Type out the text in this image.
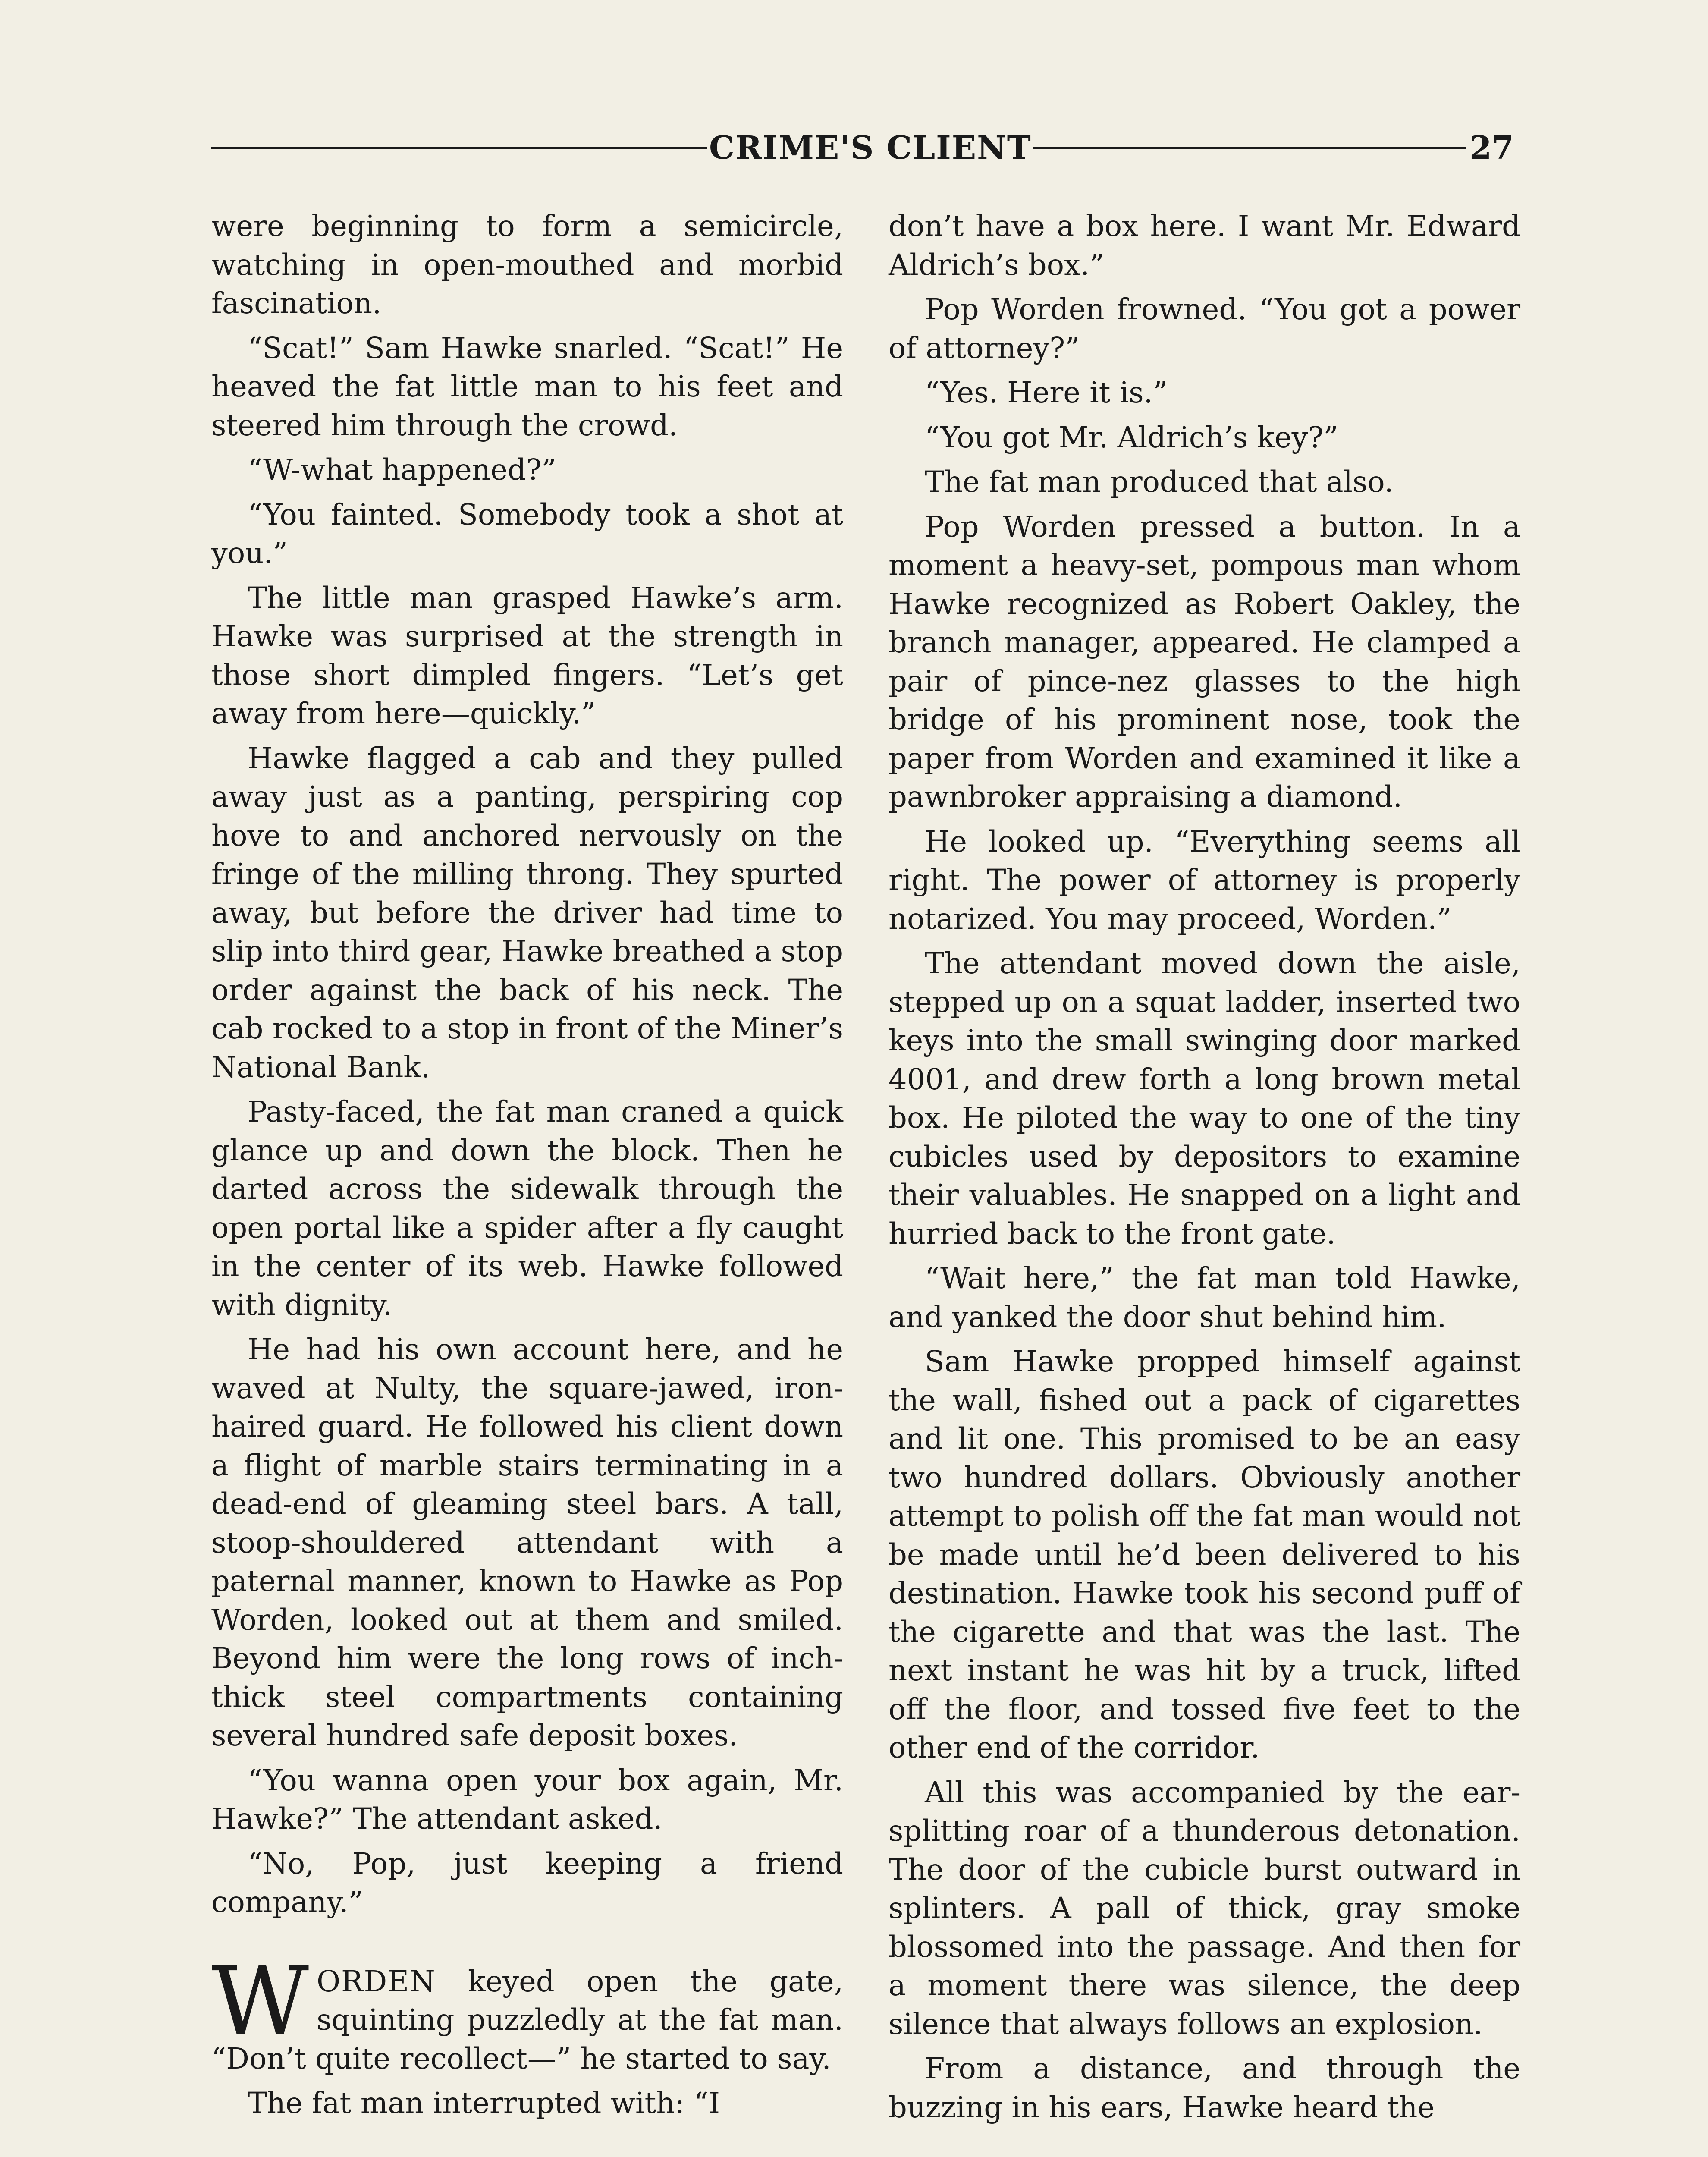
CRIME'S CLIENT	27

were beginning to form a semicircle, watching in open-mouthed and morbid fascination.

“Scat!” Sam Hawke snarled. “Scat!” He heaved the fat little man to his feet and steered him through the crowd.

“W-what happened?”

“You fainted. Somebody took a shot at you.”

The little man grasped Hawke’s arm. Hawke was surprised at the strength in those short dimpled fingers. “Let’s get away from here—quickly.”

Hawke flagged a cab and they pulled away just as a panting, perspiring cop hove to and anchored nervously on the fringe of the milling throng. They spurted away, but before the driver had time to slip into third gear, Hawke breathed a stop order against the back of his neck. The cab rocked to a stop in front of the Miner’s National Bank.

Pasty-faced, the fat man craned a quick glance up and down the block. Then he darted across the sidewalk through the open portal like a spider after a fly caught in the center of its web. Hawke followed with dignity.

He had his own account here, and he waved at Nulty, the square-jawed, iron-haired guard. He followed his client down a flight of marble stairs terminating in a dead-end of gleaming steel bars. A tall, stoop-shouldered attendant with a paternal manner, known to Hawke as Pop Worden, looked out at them and smiled. Beyond him were the long rows of inch-thick steel compartments containing several hundred safe deposit boxes.

“You wanna open your box again, Mr. Hawke?” The attendant asked.

“No, Pop, just keeping a friend company.”

WORDEN keyed open the gate, squinting puzzledly at the fat man. “Don’t quite recollect—” he started to say.

The fat man interrupted with: “I

don’t have a box here. I want Mr. Edward Aldrich’s box.”

Pop Worden frowned. “You got a power of attorney?”

“Yes. Here it is.”

“You got Mr. Aldrich’s key?”

The fat man produced that also.

Pop Worden pressed a button. In a moment a heavy-set, pompous man whom Hawke recognized as Robert Oakley, the branch manager, appeared. He clamped a pair of pince-nez glasses to the high bridge of his prominent nose, took the paper from Worden and examined it like a pawnbroker appraising a diamond.

He looked up. “Everything seems all right. The power of attorney is properly notarized. You may proceed, Worden.”

The attendant moved down the aisle, stepped up on a squat ladder, inserted two keys into the small swinging door marked 4001, and drew forth a long brown metal box. He piloted the way to one of the tiny cubicles used by depositors to examine their valuables. He snapped on a light and hurried back to the front gate.

“Wait here,” the fat man told Hawke, and yanked the door shut behind him.

Sam Hawke propped himself against the wall, fished out a pack of cigarettes and lit one. This promised to be an easy two hundred dollars. Obviously another attempt to polish off the fat man would not be made until he’d been delivered to his destination. Hawke took his second puff of the cigarette and that was the last. The next instant he was hit by a truck, lifted off the floor, and tossed five feet to the other end of the corridor.

All this was accompanied by the ear-splitting roar of a thunderous detonation. The door of the cubicle burst outward in splinters. A pall of thick, gray smoke blossomed into the passage. And then for a moment there was silence, the deep silence that always follows an explosion.

From a distance, and through the buzzing in his ears, Hawke heard the
